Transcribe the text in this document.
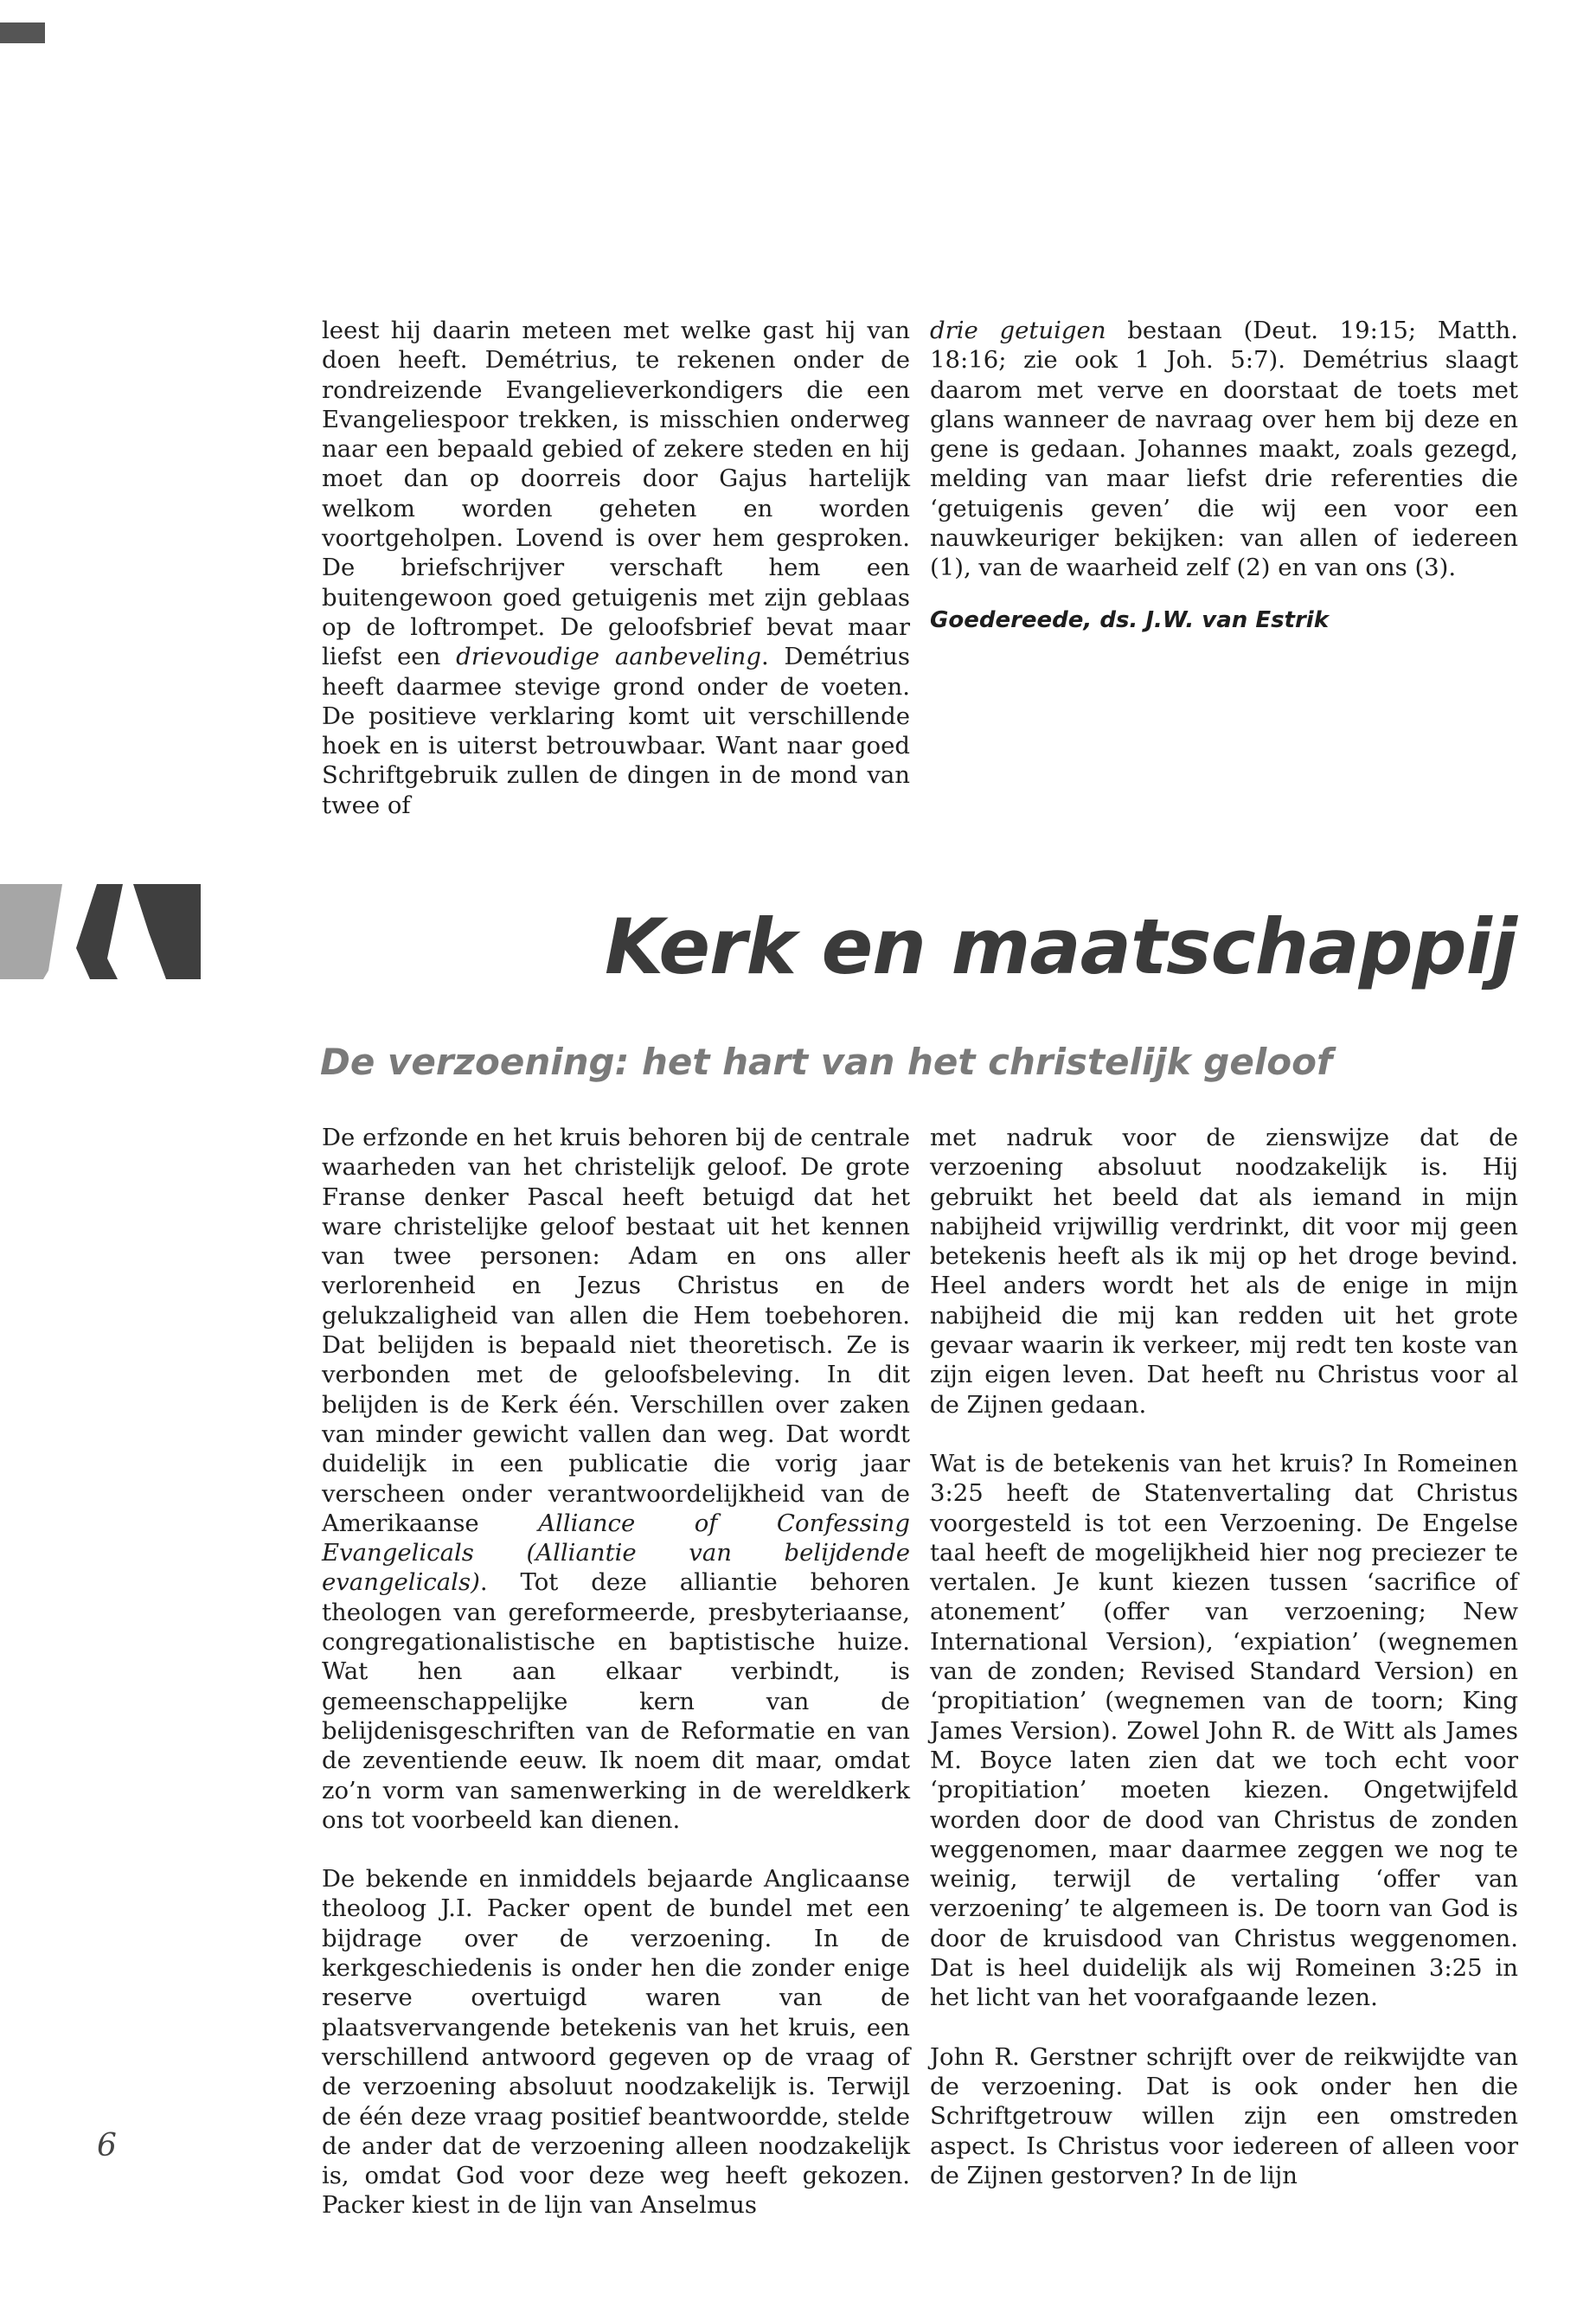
leest hij daarin meteen met welke gast hij van doen heeft. Demétrius, te rekenen onder de rondreizende Evangelieverkondigers die een Evangeliespoor trekken, is misschien onderweg naar een bepaald gebied of zekere steden en hij moet dan op doorreis door Gajus hartelijk welkom worden geheten en worden voortgeholpen. Lovend is over hem gesproken. De briefschrijver verschaft hem een buitengewoon goed getuigenis met zijn geblaas op de loftrompet. De geloofsbrief bevat maar liefst een drievoudige aanbeveling. Demétrius heeft daarmee stevige grond onder de voeten. De positieve verklaring komt uit verschillende hoek en is uiterst betrouwbaar. Want naar goed Schriftgebruik zullen de dingen in de mond van twee of

drie getuigen bestaan (Deut. 19:15; Matth. 18:16; zie ook 1 Joh. 5:7). Demétrius slaagt daarom met verve en doorstaat de toets met glans wanneer de navraag over hem bij deze en gene is gedaan. Johannes maakt, zoals gezegd, melding van maar liefst drie referenties die ‘getuigenis geven’ die wij een voor een nauwkeuriger bekijken: van allen of iedereen (1), van de waarheid zelf (2) en van ons (3).

Goedereede, ds. J.W. van Estrik

Kerk en maatschappij
De verzoening: het hart van het christelijk geloof

De erfzonde en het kruis behoren bij de centrale waarheden van het christelijk geloof. De grote Franse denker Pascal heeft betuigd dat het ware christelijke geloof bestaat uit het kennen van twee personen: Adam en ons aller verlorenheid en Jezus Christus en de gelukzaligheid van allen die Hem toebehoren. Dat belijden is bepaald niet theoretisch. Ze is verbonden met de geloofsbeleving. In dit belijden is de Kerk één. Verschillen over zaken van minder gewicht vallen dan weg. Dat wordt duidelijk in een publicatie die vorig jaar verscheen onder verantwoordelijkheid van de Amerikaanse Alliance of Confessing Evangelicals (Alliantie van belijdende evangelicals). Tot deze alliantie behoren theologen van gereformeerde, presbyteriaanse, congregationalistische en baptistische huize. Wat hen aan elkaar verbindt, is gemeenschappelijke kern van de belijdenisgeschriften van de Reformatie en van de zeventiende eeuw. Ik noem dit maar, omdat zo’n vorm van samenwerking in de wereldkerk ons tot voorbeeld kan dienen.

De bekende en inmiddels bejaarde Anglicaanse theoloog J.I. Packer opent de bundel met een bijdrage over de verzoening. In de kerkgeschiedenis is onder hen die zonder enige reserve overtuigd waren van de plaatsvervangende betekenis van het kruis, een verschillend antwoord gegeven op de vraag of de verzoening absoluut noodzakelijk is. Terwijl de één deze vraag positief beantwoordde, stelde de ander dat de verzoening alleen noodzakelijk is, omdat God voor deze weg heeft gekozen. Packer kiest in de lijn van Anselmus

met nadruk voor de zienswijze dat de verzoening absoluut noodzakelijk is. Hij gebruikt het beeld dat als iemand in mijn nabijheid vrijwillig verdrinkt, dit voor mij geen betekenis heeft als ik mij op het droge bevind. Heel anders wordt het als de enige in mijn nabijheid die mij kan redden uit het grote gevaar waarin ik verkeer, mij redt ten koste van zijn eigen leven. Dat heeft nu Christus voor al de Zijnen gedaan.

Wat is de betekenis van het kruis? In Romeinen 3:25 heeft de Statenvertaling dat Christus voorgesteld is tot een Verzoening. De Engelse taal heeft de mogelijkheid hier nog preciezer te vertalen. Je kunt kiezen tussen ‘sacrifice of atonement’ (offer van verzoening; New International Version), ‘expiation’ (wegnemen van de zonden; Revised Standard Version) en ‘propitiation’ (wegnemen van de toorn; King James Version). Zowel John R. de Witt als James M. Boyce laten zien dat we toch echt voor ‘propitiation’ moeten kiezen. Ongetwijfeld worden door de dood van Christus de zonden weggenomen, maar daarmee zeggen we nog te weinig, terwijl de vertaling ‘offer van verzoening’ te algemeen is. De toorn van God is door de kruisdood van Christus weggenomen. Dat is heel duidelijk als wij Romeinen 3:25 in het licht van het voorafgaande lezen.

John R. Gerstner schrijft over de reikwijdte van de verzoening. Dat is ook onder hen die Schriftgetrouw willen zijn een omstreden aspect. Is Christus voor iedereen of alleen voor de Zijnen gestorven? In de lijn

6
